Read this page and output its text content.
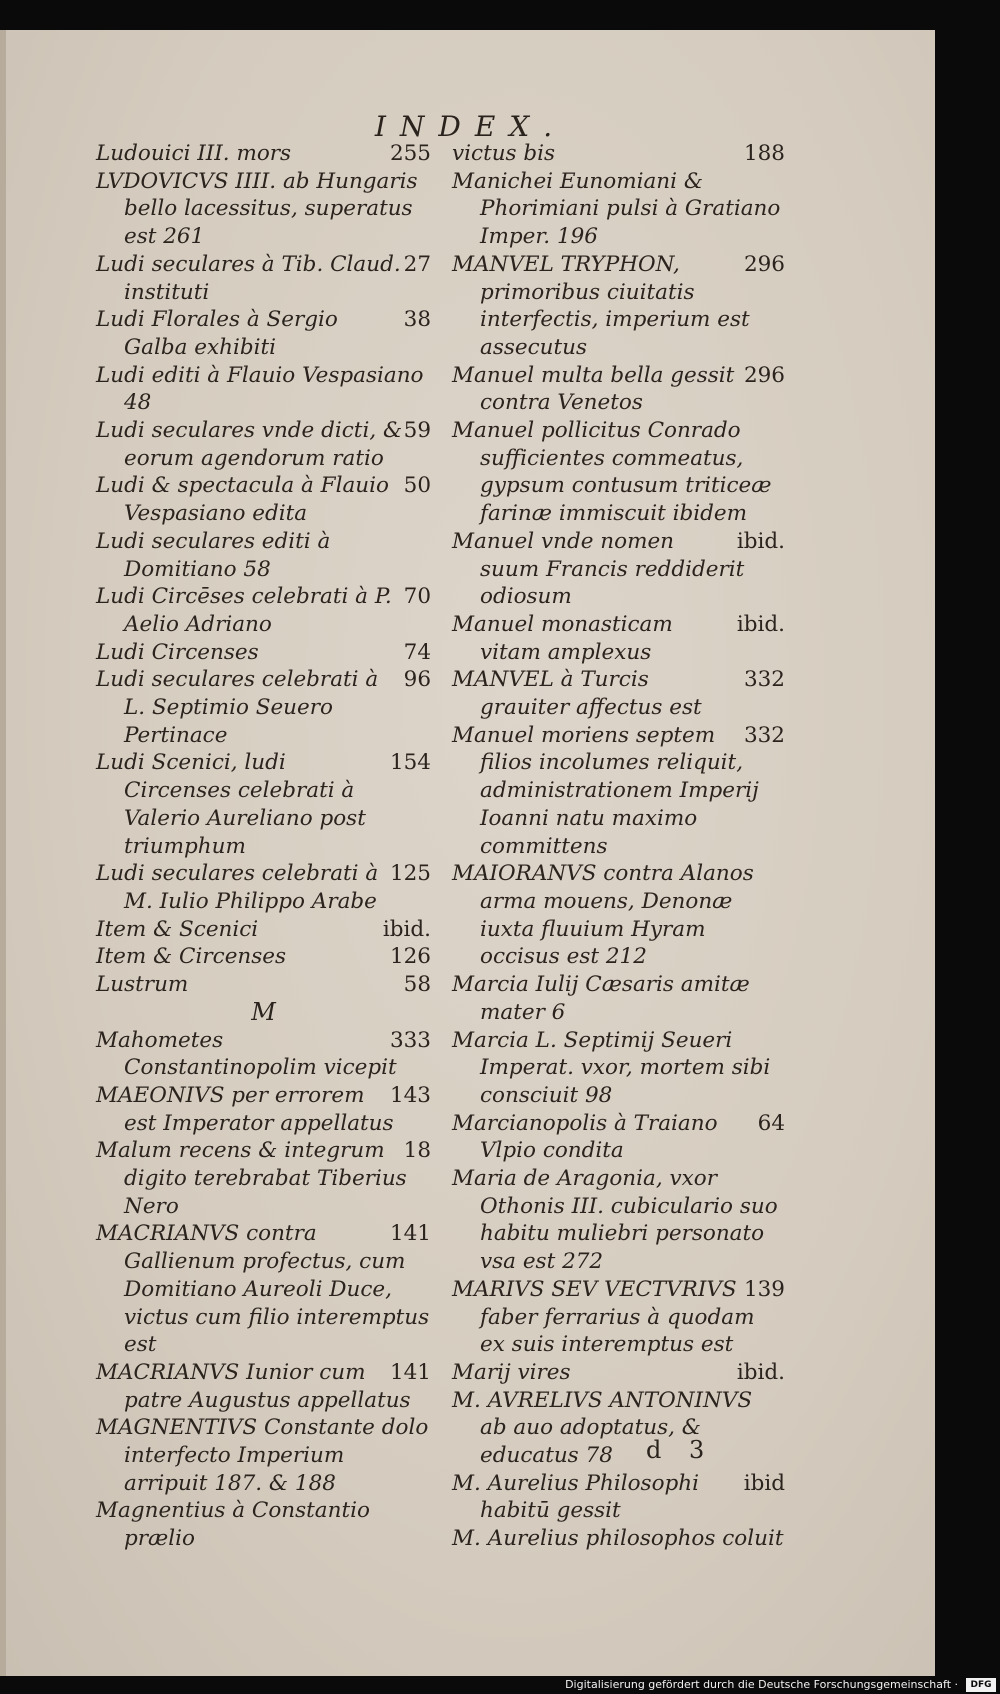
INDEX.
255
Ludouici III. mors
LVDOVICVS IIII. ab Hungaris bello lacessitus, superatus est 261
27
Ludi seculares à Tib. Claud. instituti
38
Ludi Florales à Sergio Galba exhibiti
Ludi editi à Flauio Vespasiano 48
59
Ludi seculares vnde dicti, & eorum agendorum ratio
50
Ludi & spectacula à Flauio Vespasiano edita
Ludi seculares editi à Domitiano 58
70
Ludi Circēses celebrati à P. Aelio Adriano
74
Ludi Circenses
96
Ludi seculares celebrati à L. Septimio Seuero Pertinace
154
Ludi Scenici, ludi Circenses celebrati à Valerio Aureliano post triumphum
125
Ludi seculares celebrati à M. Iulio Philippo Arabe
ibid.
Item & Scenici
126
Item & Circenses
58
Lustrum
M
333
Mahometes Constantinopolim vicepit
143
MAEONIVS per errorem est Imperator appellatus
18
Malum recens & integrum digito terebrabat Tiberius Nero
141
MACRIANVS contra Gallienum profectus, cum Domitiano Aureoli Duce, victus cum filio interemptus est
141
MACRIANVS Iunior cum patre Augustus appellatus
MAGNENTIVS Constante dolo interfecto Imperium arripuit 187. & 188
Magnentius à Constantio prælio
188
victus bis
Manichei Eunomiani & Phorimiani pulsi à Gratiano Imper. 196
296
MANVEL TRYPHON, primoribus ciuitatis interfectis, imperium est assecutus
296
Manuel multa bella gessit contra Venetos
Manuel pollicitus Conrado sufficientes commeatus, gypsum contusum triticeæ farinæ immiscuit ibidem
ibid.
Manuel vnde nomen suum Francis reddiderit odiosum
ibid.
Manuel monasticam vitam amplexus
332
MANVEL à Turcis grauiter affectus est
332
Manuel moriens septem filios incolumes reliquit, administrationem Imperij Ioanni natu maximo committens
MAIORANVS contra Alanos arma mouens, Denonæ iuxta fluuium Hyram occisus est 212
Marcia Iulij Cæsaris amitæ mater 6
Marcia L. Septimij Seueri Imperat. vxor, mortem sibi consciuit 98
64
Marcianopolis à Traiano Vlpio condita
Maria de Aragonia, vxor Othonis III. cubiculario suo habitu muliebri personato vsa est 272
139
MARIVS SEV VECTVRIVS faber ferrarius à quodam ex suis interemptus est
ibid.
Marij vires
M. AVRELIVS ANTONINVS ab auo adoptatus, & educatus 78
ibid
M. Aurelius Philosophi habitū gessit
M. Aurelius philosophos coluit
d 3
Digitalisierung gefördert durch die Deutsche Forschungsgemeinschaft ·	DFG
